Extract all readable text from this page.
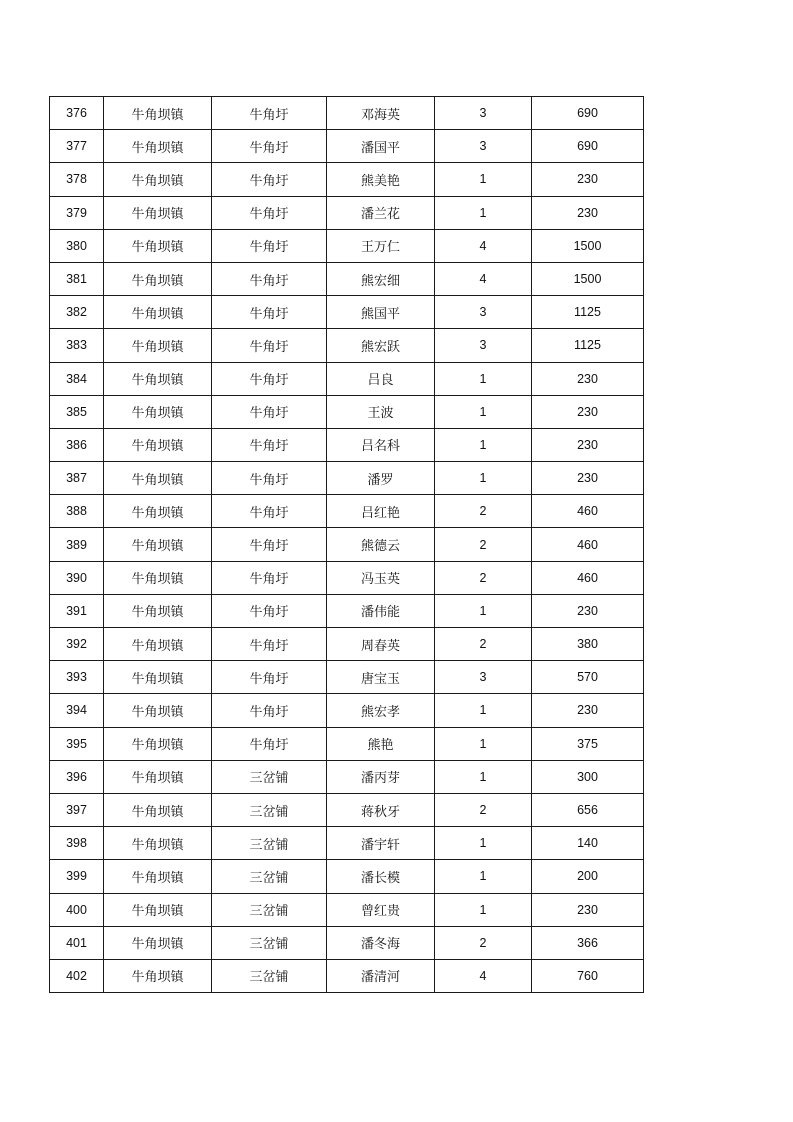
376	牛角坝镇	牛角圩	邓海英	3	690
377	牛角坝镇	牛角圩	潘国平	3	690
378	牛角坝镇	牛角圩	熊美艳	1	230
379	牛角坝镇	牛角圩	潘兰花	1	230
380	牛角坝镇	牛角圩	王万仁	4	1500
381	牛角坝镇	牛角圩	熊宏细	4	1500
382	牛角坝镇	牛角圩	熊国平	3	1125
383	牛角坝镇	牛角圩	熊宏跃	3	1125
384	牛角坝镇	牛角圩	吕良	1	230
385	牛角坝镇	牛角圩	王波	1	230
386	牛角坝镇	牛角圩	吕名科	1	230
387	牛角坝镇	牛角圩	潘罗	1	230
388	牛角坝镇	牛角圩	吕红艳	2	460
389	牛角坝镇	牛角圩	熊德云	2	460
390	牛角坝镇	牛角圩	冯玉英	2	460
391	牛角坝镇	牛角圩	潘伟能	1	230
392	牛角坝镇	牛角圩	周春英	2	380
393	牛角坝镇	牛角圩	唐宝玉	3	570
394	牛角坝镇	牛角圩	熊宏孝	1	230
395	牛角坝镇	牛角圩	熊艳	1	375
396	牛角坝镇	三岔铺	潘丙芽	1	300
397	牛角坝镇	三岔铺	蒋秋牙	2	656
398	牛角坝镇	三岔铺	潘宇轩	1	140
399	牛角坝镇	三岔铺	潘长模	1	200
400	牛角坝镇	三岔铺	曾红贵	1	230
401	牛角坝镇	三岔铺	潘冬海	2	366
402	牛角坝镇	三岔铺	潘清河	4	760
